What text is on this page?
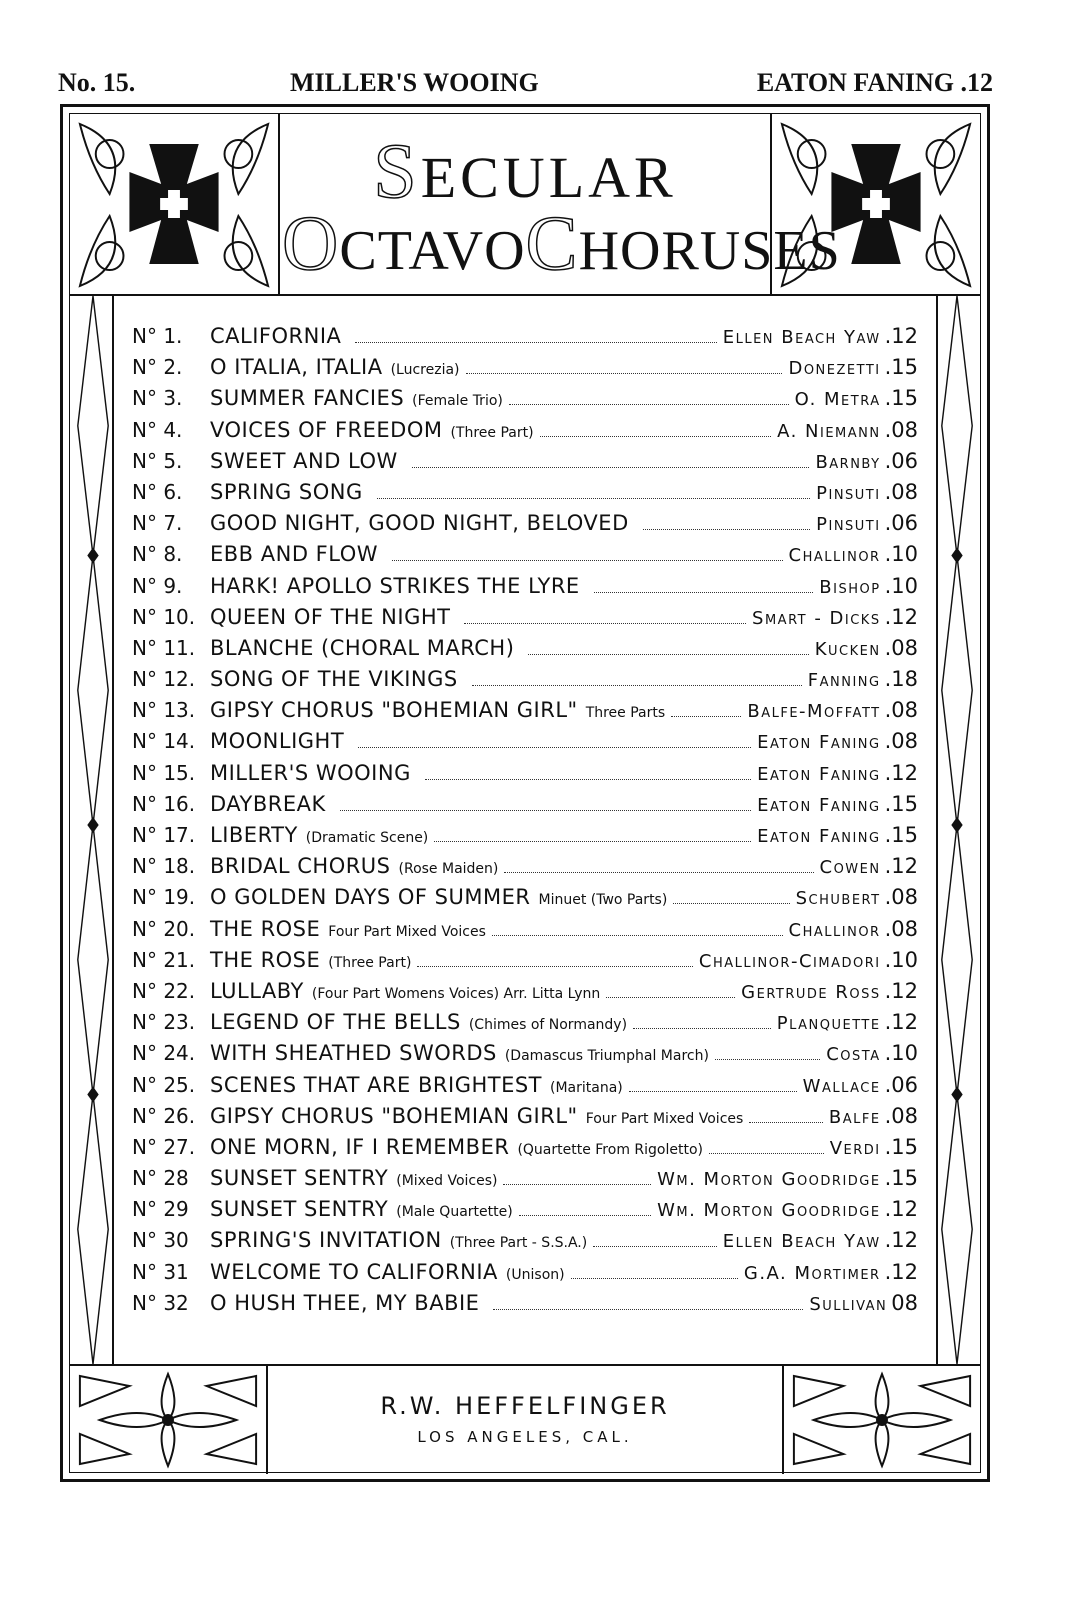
No. 15.	MILLER'S WOOING	EATON FANING .12
SECULAR
OCTAVOCHORUSES
N° 1.	CALIFORNIA	Ellen Beach Yaw .12
N° 2.	O ITALIA, ITALIA (Lucrezia)	Donezetti .15
N° 3.	SUMMER FANCIES (Female Trio)	O. Metra .15
N° 4.	VOICES OF FREEDOM (Three Part)	A. Niemann .08
N° 5.	SWEET AND LOW	Barnby .06
N° 6.	SPRING SONG	Pinsuti .08
N° 7.	GOOD NIGHT, GOOD NIGHT, BELOVED	Pinsuti .06
N° 8.	EBB AND FLOW	Challinor .10
N° 9.	HARK! APOLLO STRIKES THE LYRE	Bishop .10
N° 10. QUEEN OF THE NIGHT	Smart - Dicks .12
N° 11. BLANCHE (CHORAL MARCH)	Kucken .08
N° 12. SONG OF THE VIKINGS	Fanning .18
N° 13. GIPSY CHORUS "BOHEMIAN GIRL" Three Parts	Balfe-Moffatt .08
N° 14. MOONLIGHT	Eaton Faning .08
N° 15. MILLER'S WOOING	Eaton Faning .12
N° 16. DAYBREAK	Eaton Faning .15
N° 17. LIBERTY (Dramatic Scene)	Eaton Faning .15
N° 18. BRIDAL CHORUS (Rose Maiden)	Cowen .12
N° 19. O GOLDEN DAYS OF SUMMER Minuet (Two Parts)	Schubert .08
N° 20. THE ROSE Four Part Mixed Voices	Challinor .08
N° 21. THE ROSE (Three Part)	Challinor-Cimadori .10
N° 22. LULLABY (Four Part Womens Voices) Arr. Litta Lynn	Gertrude Ross .12
N° 23. LEGEND OF THE BELLS (Chimes of Normandy)	Planquette .12
N° 24. WITH SHEATHED SWORDS (Damascus Triumphal March)	Costa .10
N° 25. SCENES THAT ARE BRIGHTEST (Maritana)	Wallace .06
N° 26. GIPSY CHORUS "BOHEMIAN GIRL" Four Part Mixed Voices	Balfe .08
N° 27. ONE MORN, IF I REMEMBER (Quartette From Rigoletto)	Verdi .15
N° 28	SUNSET SENTRY (Mixed Voices)	Wm. Morton Goodridge .15
N° 29	SUNSET SENTRY (Male Quartette)	Wm. Morton Goodridge .12
N° 30	SPRING'S INVITATION (Three Part - S.S.A.)	Ellen Beach Yaw .12
N° 31	WELCOME TO CALIFORNIA (Unison)	G.A. Mortimer .12
N° 32	O HUSH THEE, MY BABIE	Sullivan 08
R.W. HEFFELFINGER
LOS ANGELES, CAL.
